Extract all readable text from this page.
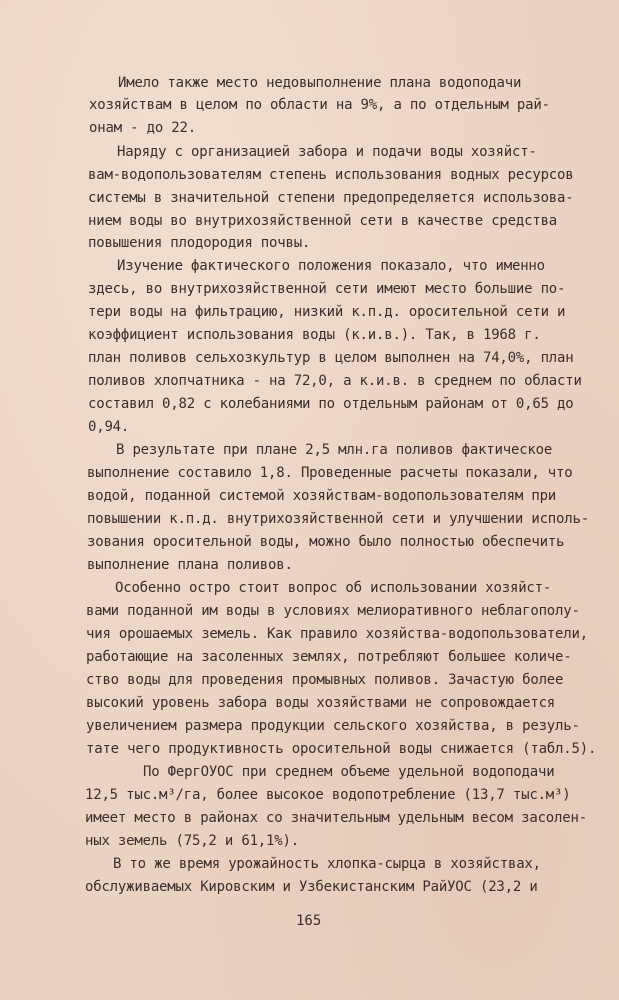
Имело также место недовыполнение плана водоподачи
хозяйствам в целом по области на 9%, а по отдельным рай-
онам - до 22.
Наряду с организацией забора и подачи воды хозяйст-
вам-водопользователям степень использования водных ресурсов
системы в значительной степени предопределяется использова-
нием воды во внутрихозяйственной сети в качестве средства
повышения плодородия почвы.
Изучение фактического положения показало, что именно
здесь, во внутрихозяйственной сети имеют место большие по-
тери воды на фильтрацию, низкий к.п.д. оросительной сети и
коэффициент использования воды (к.и.в.). Так, в 1968 г.
план поливов сельхозкультур в целом выполнен на 74,0%, план
поливов хлопчатника - на 72,0, а к.и.в. в среднем по области
составил 0,82 с колебаниями по отдельным районам от 0,65 до
0,94.
В результате при плане 2,5 млн.га поливов фактическое
выполнение составило 1,8. Проведенные расчеты показали, что
водой, поданной системой хозяйствам-водопользователям при
повышении к.п.д. внутрихозяйственной сети и улучшении исполь-
зования оросительной воды, можно было полностью обеспечить
выполнение плана поливов.
Особенно остро стоит вопрос об использовании хозяйст-
вами поданной им воды в условиях мелиоративного неблагополу-
чия орошаемых земель. Как правило хозяйства-водопользователи,
работающие на засоленных землях, потребляют большее количе-
ство воды для проведения промывных поливов. Зачастую более
высокий уровень забора воды хозяйствами не сопровождается
увеличением размера продукции сельского хозяйства, в резуль-
тате чего продуктивность оросительной воды снижается (табл.5).
По ФергОУОС при среднем объеме удельной водоподачи
12,5 тыс.м³/га, более высокое водопотребление (13,7 тыс.м³)
имеет место в районах со значительным удельным весом засолен-
ных земель (75,2 и 61,1%).
В то же время урожайность хлопка-сырца в хозяйствах,
обслуживаемых Кировским и Узбекистанским РайУОС (23,2 и
165
